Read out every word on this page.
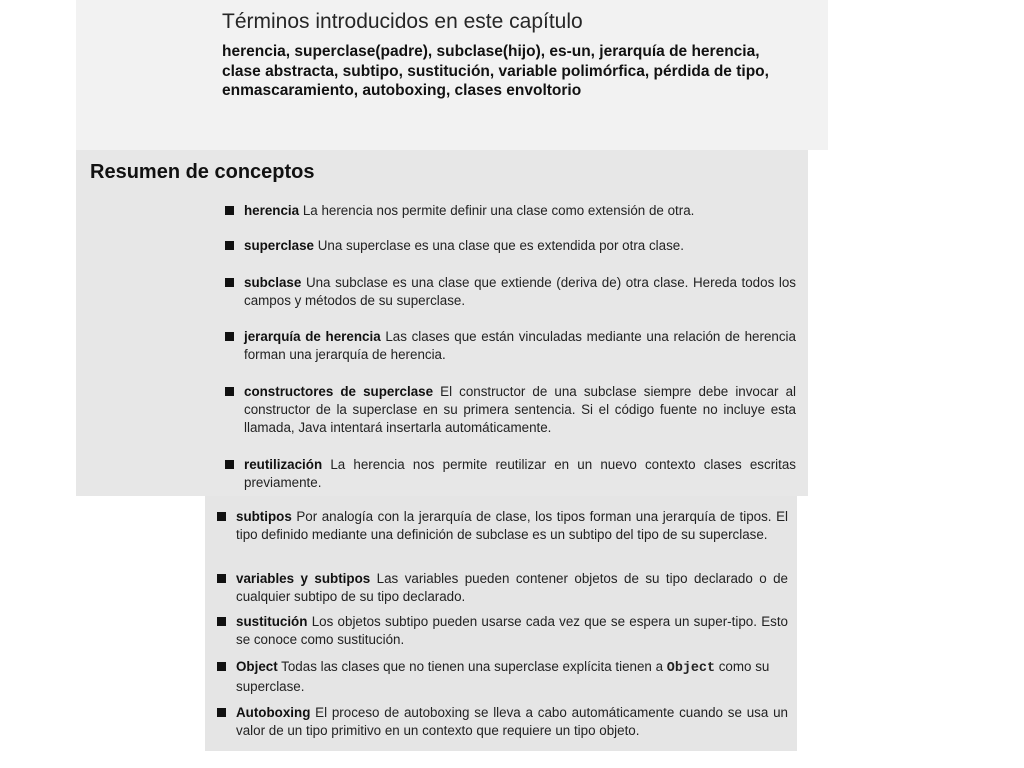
Términos introducidos en este capítulo

herencia, superclase(padre), subclase(hijo), es-un, jerarquía de herencia,
clase abstracta, subtipo, sustitución, variable polimórfica, pérdida de tipo,
enmascaramiento, autoboxing, clases envoltorio

Resumen de conceptos
herencia La herencia nos permite definir una clase como extensión de otra.
superclase Una superclase es una clase que es extendida por otra clase.
subclase Una subclase es una clase que extiende (deriva de) otra clase. Hereda todos los campos y métodos de su superclase.
jerarquía de herencia Las clases que están vinculadas mediante una relación de herencia forman una jerarquía de herencia.
constructores de superclase El constructor de una subclase siempre debe invocar al constructor de la superclase en su primera sentencia. Si el código fuente no incluye esta llamada, Java intentará insertarla automáticamente.
reutilización La herencia nos permite reutilizar en un nuevo contexto clases escritas previamente.
subtipos Por analogía con la jerarquía de clase, los tipos forman una jerarquía de tipos. El tipo definido mediante una definición de subclase es un subtipo del tipo de su superclase.
variables y subtipos Las variables pueden contener objetos de su tipo declarado o de cualquier subtipo de su tipo declarado.
sustitución Los objetos subtipo pueden usarse cada vez que se espera un super-tipo. Esto se conoce como sustitución.
Object Todas las clases que no tienen una superclase explícita tienen a Object como su superclase.
Autoboxing El proceso de autoboxing se lleva a cabo automáticamente cuando se usa un valor de un tipo primitivo en un contexto que requiere un tipo objeto.
